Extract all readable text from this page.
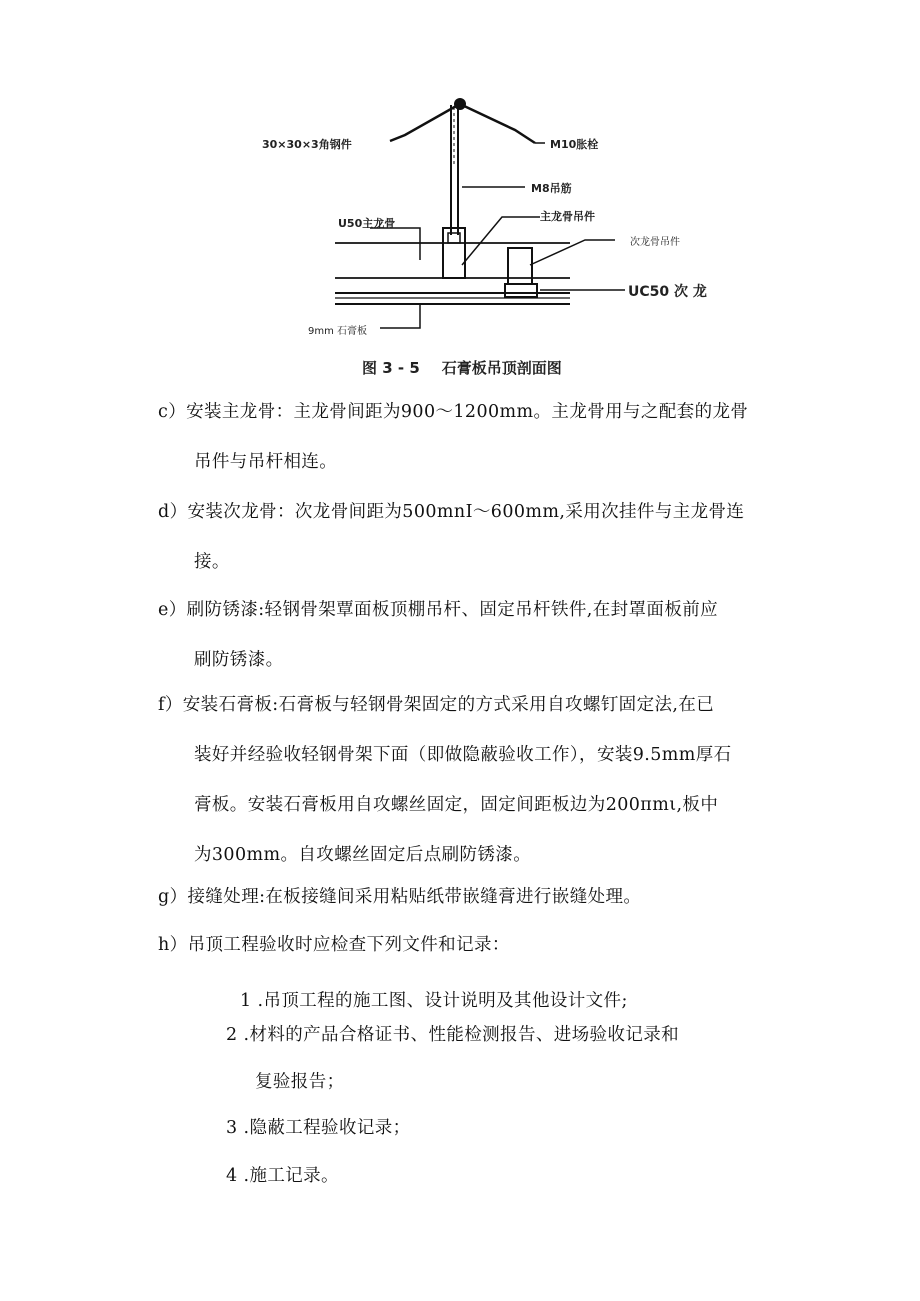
30×30×3角钢件	M10胀栓
M8吊筋
U50主龙骨
主龙骨吊件
次龙骨吊件
UC50 次 龙
9mm 石膏板
图 3 - 5 石膏板吊顶剖面图
c）安装主龙骨：主龙骨间距为900～1200mm。主龙骨用与之配套的龙骨
吊件与吊杆相连。
d）安装次龙骨：次龙骨间距为500mnI～600mm,采用次挂件与主龙骨连
接。
e）刷防锈漆:轻钢骨架覃面板顶棚吊杆、固定吊杆铁件,在封罩面板前应
刷防锈漆。
f）安装石膏板:石膏板与轻钢骨架固定的方式采用自攻螺钉固定法,在已
装好并经验收轻钢骨架下面（即做隐蔽验收工作），安装9.5mm厚石
膏板。安装石膏板用自攻螺丝固定，固定间距板边为200πmι,板中
为300mm。自攻螺丝固定后点刷防锈漆。
g）接缝处理:在板接缝间采用粘贴纸带嵌缝膏进行嵌缝处理。
h）吊顶工程验收时应检查下列文件和记录：
1 .吊顶工程的施工图、设计说明及其他设计文件;
2 .材料的产品合格证书、性能检测报告、进场验收记录和
复验报告；
3 .隐蔽工程验收记录；
4 .施工记录。
